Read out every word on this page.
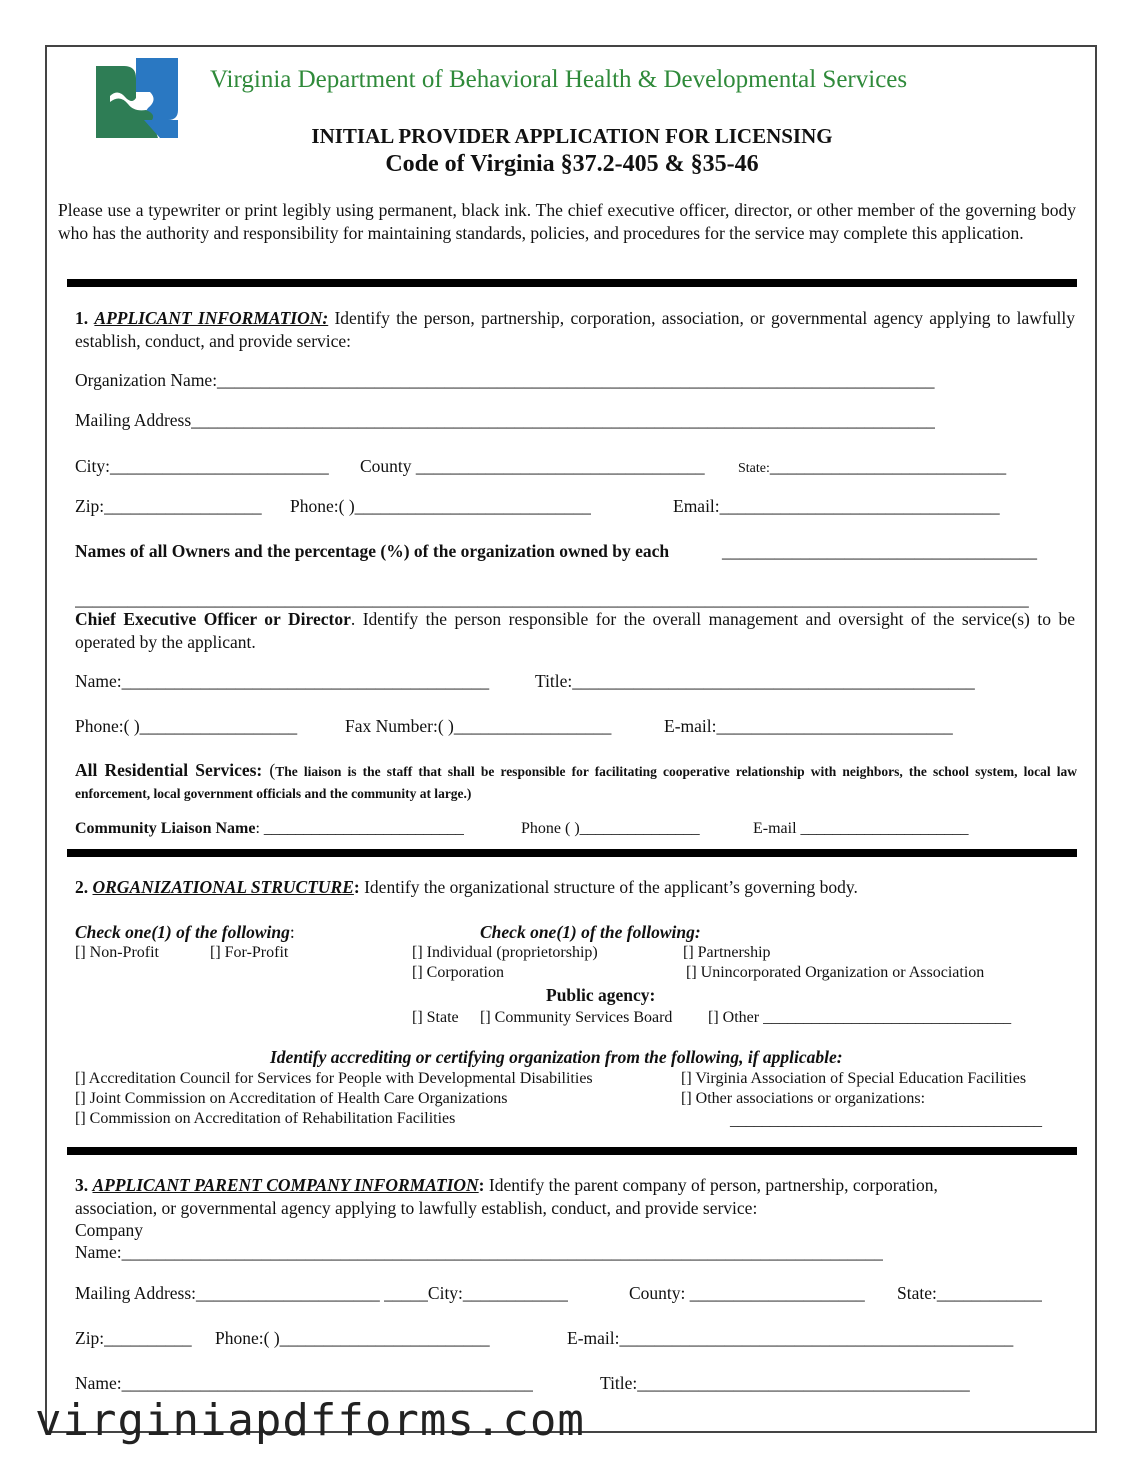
Virginia Department of Behavioral Health & Developmental Services
INITIAL PROVIDER APPLICATION FOR LICENSING
Code of Virginia §37.2-405 & §35-46
Please use a typewriter or print legibly using permanent, black ink. The chief executive officer, director, or other member of the governing body who has the authority and responsibility for maintaining standards, policies, and procedures for the service may complete this application.
1. APPLICANT INFORMATION: Identify the person, partnership, corporation, association, or governmental agency applying to lawfully establish, conduct, and provide service:
Organization Name:__________________________________________________________________________________
Mailing Address_____________________________________________________________________________________
City:_________________________ County _________________________________ State:___________________________
Zip:__________________ Phone:( )___________________________	Email:________________________________
Names of all Owners and the percentage (%) of the organization owned by each	____________________________________
_____________________________________________________________________________________________________________
Chief Executive Officer or Director. Identify the person responsible for the overall management and oversight of the service(s) to be operated by the applicant.
Name:__________________________________________	Title:______________________________________________
Phone:( )__________________	Fax Number:( )__________________	E-mail:___________________________
All Residential Services: (The liaison is the staff that shall be responsible for facilitating cooperative relationship with neighbors, the school system, local law enforcement, local government officials and the community at large.)
Community Liaison Name: _________________________	Phone ( )_______________	E-mail _____________________
2. ORGANIZATIONAL STRUCTURE: Identify the organizational structure of the applicant’s governing body.
Check one(1) of the following:
[] Non-Profit	[] For-Profit
Check one(1) of the following:
[] Individual (proprietorship)	[] Partnership
[] Corporation	[] Unincorporated Organization or Association
Public agency:
[] State [] Community Services Board [] Other _______________________________
Identify accrediting or certifying organization from the following, if applicable:
[] Accreditation Council for Services for People with Developmental Disabilities
[] Joint Commission on Accreditation of Health Care Organizations
[] Commission on Accreditation of Rehabilitation Facilities
[] Virginia Association of Special Education Facilities
[] Other associations or organizations:
_______________________________________
3. APPLICANT PARENT COMPANY INFORMATION: Identify the parent company of person, partnership, corporation,
association, or governmental agency applying to lawfully establish, conduct, and provide service:
Company
Name:_______________________________________________________________________________________
Mailing Address:_____________________ _____City:____________	County: ____________________ State:____________
Zip:__________ Phone:( )________________________	E-mail:_____________________________________________
Name:_______________________________________________	Title:______________________________________
virginiapdfforms.com
